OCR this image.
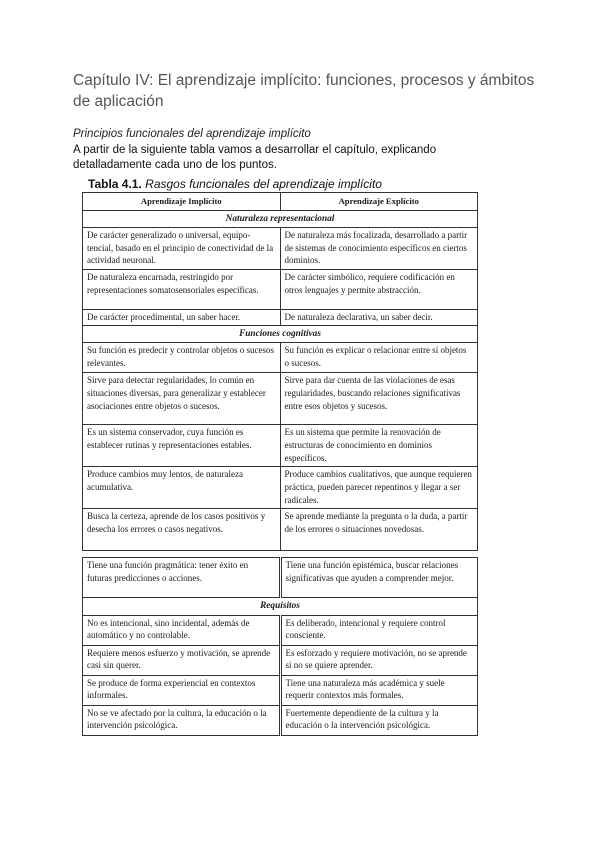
Capítulo IV: El aprendizaje implícito: funciones, procesos y ámbitos de aplicación
Principios funcionales del aprendizaje implícito
A partir de la siguiente tabla vamos a desarrollar el capítulo, explicando detalladamente cada uno de los puntos.
Tabla 4.1. Rasgos funcionales del aprendizaje implícito
Aprendizaje Implícito	Aprendizaje Explícito
Naturaleza representacional	
De carácter generalizado o universal, equipo-tencial, basado en el principio de conectividad de la actividad neuronal.	De naturaleza más focalizada, desarrollado a partir de sistemas de conocimiento específicos en ciertos dominios.
De naturaleza encarnada, restringido por representaciones somatosensoriales específicas.	De carácter simbólico, requiere codificación en otros lenguajes y permite abstracción.
De carácter procedimental, un saber hacer.	De naturaleza declarativa, un saber decir.
Funciones cognitivas	
Su función es predecir y controlar objetos o sucesos relevantes.	Su función es explicar o relacionar entre sí objetos o sucesos.
Sirve para detectar regularidades, lo común en situaciones diversas, para generalizar y establecer asociaciones entre objetos o sucesos.	Sirve para dar cuenta de las violaciones de esas regularidades, buscando relaciones significativas entre esos objetos y sucesos.
Es un sistema conservador, cuya función es establecer rutinas y representaciones estables.	Es un sistema que permite la renovación de estructuras de conocimiento en dominios específicos.
Produce cambios muy lentos, de naturaleza acumulativa.	Produce cambios cualitativos, que aunque requieren práctica, pueden parecer repentinos y llegar a ser radicales.
Busca la certeza, aprende de los casos positivos y desecha los errores o casos negativos.	Se aprende mediante la pregunta o la duda, a partir de los errores o situaciones novedosas.
Tiene una función pragmática: tener éxito en futuras predicciones o acciones.	Tiene una función epistémica, buscar relaciones significativas que ayuden a comprender mejor.
Requisitos	
No es intencional, sino incidental, además de automático y no controlable.	Es deliberado, intencional y requiere control consciente.
Requiere menos esfuerzo y motivación, se aprende casi sin querer.	Es esforzado y requiere motivación, no se aprende si no se quiere aprender.
Se produce de forma experiencial en contextos informales.	Tiene una naturaleza más académica y suele requerir contextos más formales.
No se ve afectado por la cultura, la educación o la intervención psicológica.	Fuertemente dependiente de la cultura y la educación o la intervención psicológica.
